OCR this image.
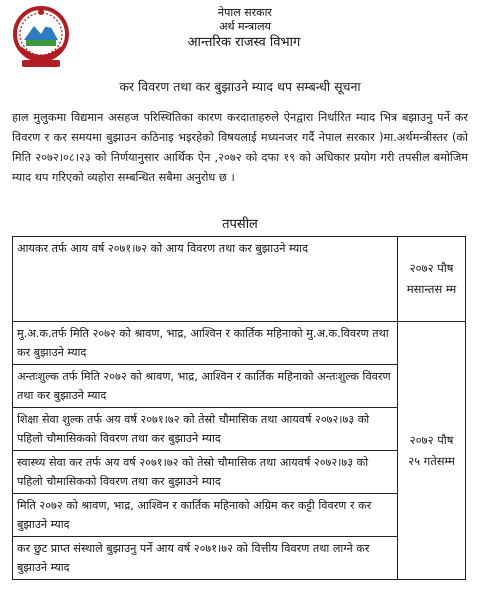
नेपाल सरकार
अर्थ मन्त्रालय
आन्तरिक राजस्व विभाग
कर विवरण तथा कर बुझाउने म्याद थप सम्बन्धी सूचना
हाल मुलुकमा विद्यमान असहज परिस्थितिका कारण करदाताहरुले ऐनद्वारा निर्धारित म्याद भित्र बझाउनु पर्ने कर विवरण र कर समयमा बुझाउन कठिनाइ भइरहेको विषयलाई मध्यनजर गर्दै नेपाल सरकार )मा.अर्थमन्त्रीस्तर (को मिति २०७२।०८।२३ को निर्णयानुसार आर्थिक ऐन ,२०७२ को दफा १९ को अधिकार प्रयोग गरी तपसील बमोजिम म्याद थप गरिएको व्यहोरा सम्बन्धित सबैमा अनुरोध छ ।
तपसील
आयकर तर्फ आय वर्ष २०७१।७२ को आय विवरण तथा कर बुझाउने म्याद	२०७२ पौष मसान्तस म्म
मु.अ.क.तर्फ मिति २०७२ को श्रावण, भाद्र, आश्विन र कार्तिक महिनाको मु.अ.क.विवरण तथा कर बुझाउने म्याद	२०७२ पौष २५ गतेसम्म
अन्तःशुल्क तर्फ मिति २०७२ को श्रावण, भाद्र, आश्विन र कार्तिक महिनाको अन्तःशुल्क विवरण तथा कर बुझाउने म्याद	
शिक्षा सेवा शुल्क तर्फ अय वर्ष २०७१।७२ को तेस्रो चौमासिक तथा आयवर्ष २०७२।७३ को पहिलो चौमासिकको विवरण तथा कर बुझाउने म्याद	
स्वास्थ्य सेवा कर तर्फ अय वर्ष २०७१।७२ को तेस्रो चौमासिक तथा आयवर्ष २०७२।७३ को पहिलो चौमासिकको विवरण तथा कर बुझाउने म्याद	
मिति २०७२ को श्रावण, भाद्र, आश्विन र कार्तिक महिनाको अग्रिम कर कट्टी विवरण र कर बुझाउने म्याद	
कर छुट प्राप्त संस्थाले बुझाउनु पर्ने आय वर्ष २०७१।७२ को वित्तीय विवरण तथा लाग्ने कर बुझाउने म्याद	
